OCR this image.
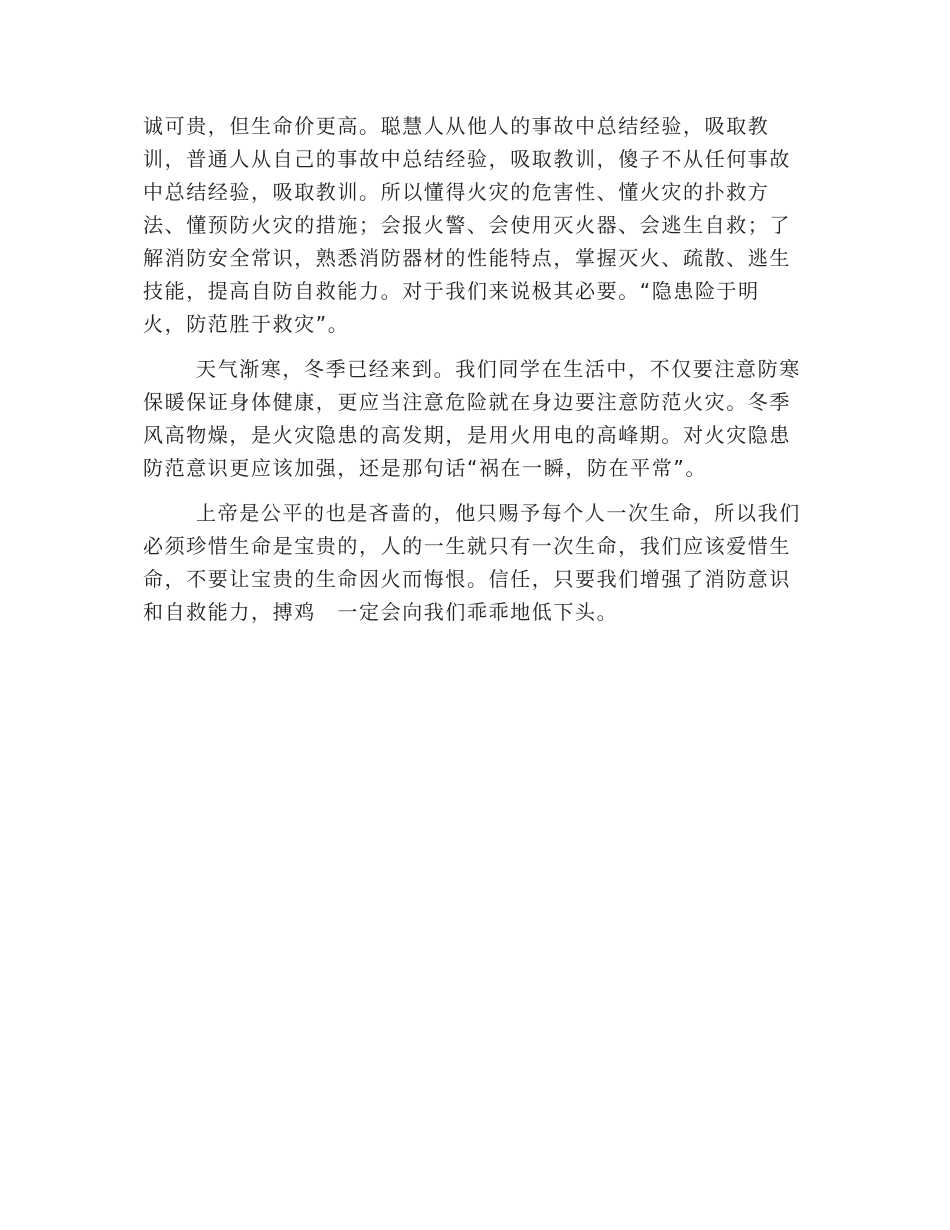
诚可贵，但生命价更高。聪慧人从他人的事故中总结经验，吸取教
训，普通人从自己的事故中总结经验，吸取教训，傻子不从任何事故
中总结经验，吸取教训。所以懂得火灾的危害性、懂火灾的扑救方
法、懂预防火灾的措施；会报火警、会使用灭火器、会逃生自救；了
解消防安全常识，熟悉消防器材的性能特点，掌握灭火、疏散、逃生
技能，提高自防自救能力。对于我们来说极其必要。“隐患险于明
火，防范胜于救灾”。

天气渐寒，冬季已经来到。我们同学在生活中，不仅要注意防寒
保暖保证身体健康，更应当注意危险就在身边要注意防范火灾。冬季
风高物燥，是火灾隐患的高发期，是用火用电的高峰期。对火灾隐患
防范意识更应该加强，还是那句话“祸在一瞬，防在平常”。

上帝是公平的也是吝啬的，他只赐予每个人一次生命，所以我们
必须珍惜生命是宝贵的，人的一生就只有一次生命，我们应该爱惜生
命，不要让宝贵的生命因火而悔恨。信任，只要我们增强了消防意识
和自救能力，搏鸡　一定会向我们乖乖地低下头。
